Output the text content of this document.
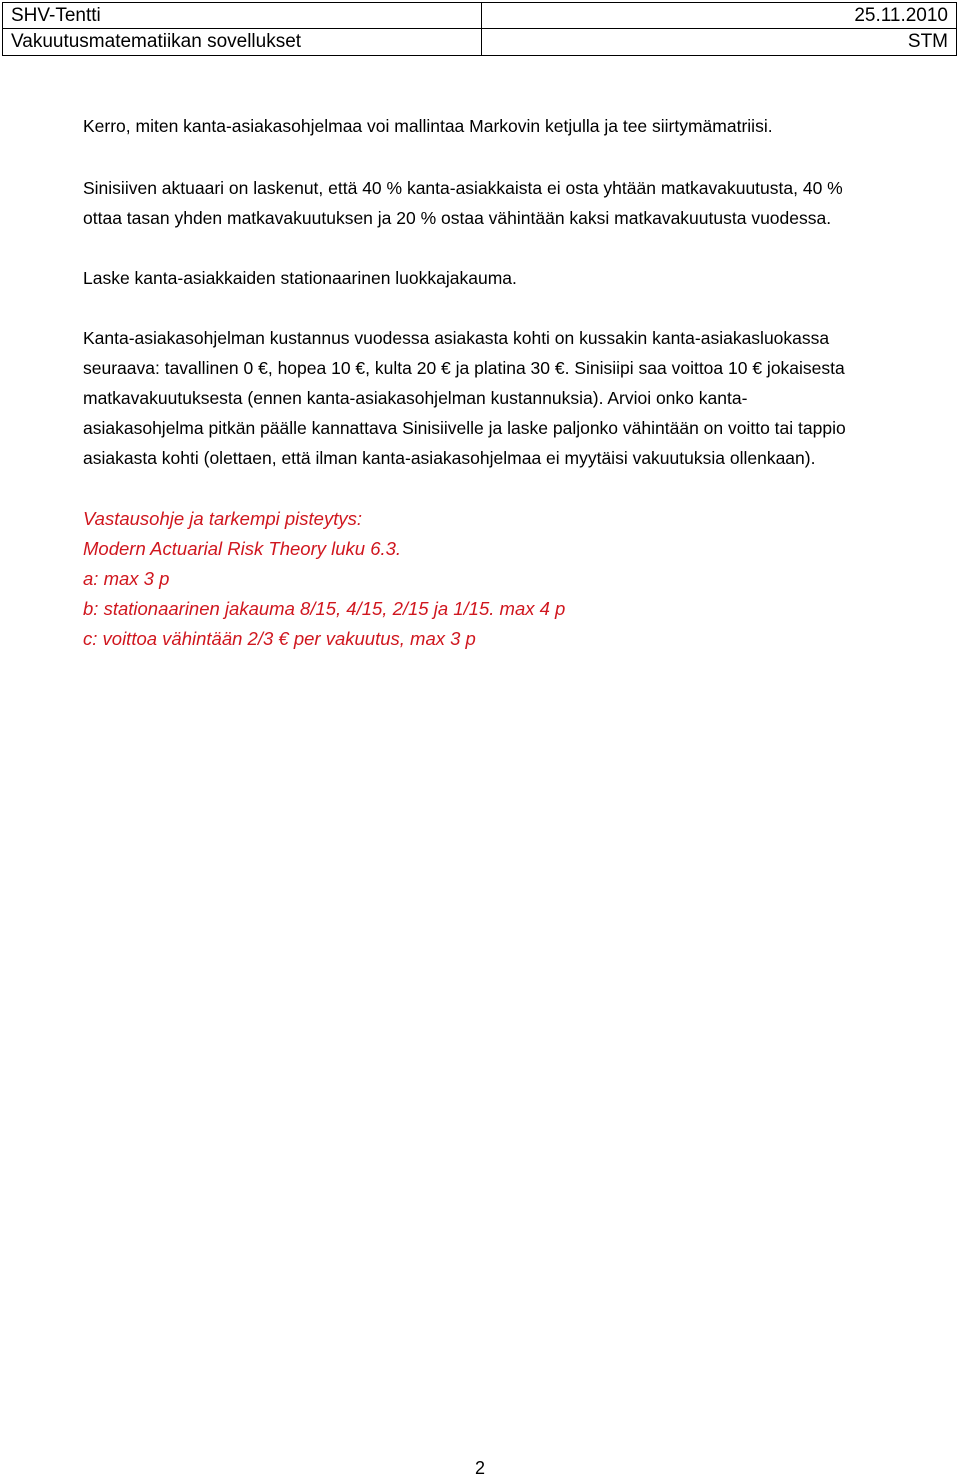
SHV-Tentti	25.11.2010
Vakuutusmatematiikan sovellukset	STM

Kerro, miten kanta-asiakasohjelmaa voi mallintaa Markovin ketjulla ja tee siirtymämatriisi.

Sinisiiven aktuaari on laskenut, että 40 % kanta-asiakkaista ei osta yhtään matkavakuutusta, 40 %
ottaa tasan yhden matkavakuutuksen ja 20 % ostaa vähintään kaksi matkavakuutusta vuodessa.

Laske kanta-asiakkaiden stationaarinen luokkajakauma.

Kanta-asiakasohjelman kustannus vuodessa asiakasta kohti on kussakin kanta-asiakasluokassa
seuraava: tavallinen 0 €, hopea 10 €, kulta 20 € ja platina 30 €. Sinisiipi saa voittoa 10 € jokaisesta
matkavakuutuksesta (ennen kanta-asiakasohjelman kustannuksia). Arvioi onko kanta-
asiakasohjelma pitkän päälle kannattava Sinisiivelle ja laske paljonko vähintään on voitto tai tappio
asiakasta kohti (olettaen, että ilman kanta-asiakasohjelmaa ei myytäisi vakuutuksia ollenkaan).

Vastausohje ja tarkempi pisteytys:
Modern Actuarial Risk Theory luku 6.3.
a: max 3 p
b: stationaarinen jakauma 8/15, 4/15, 2/15 ja 1/15. max 4 p
c: voittoa vähintään 2/3 € per vakuutus, max 3 p
2
